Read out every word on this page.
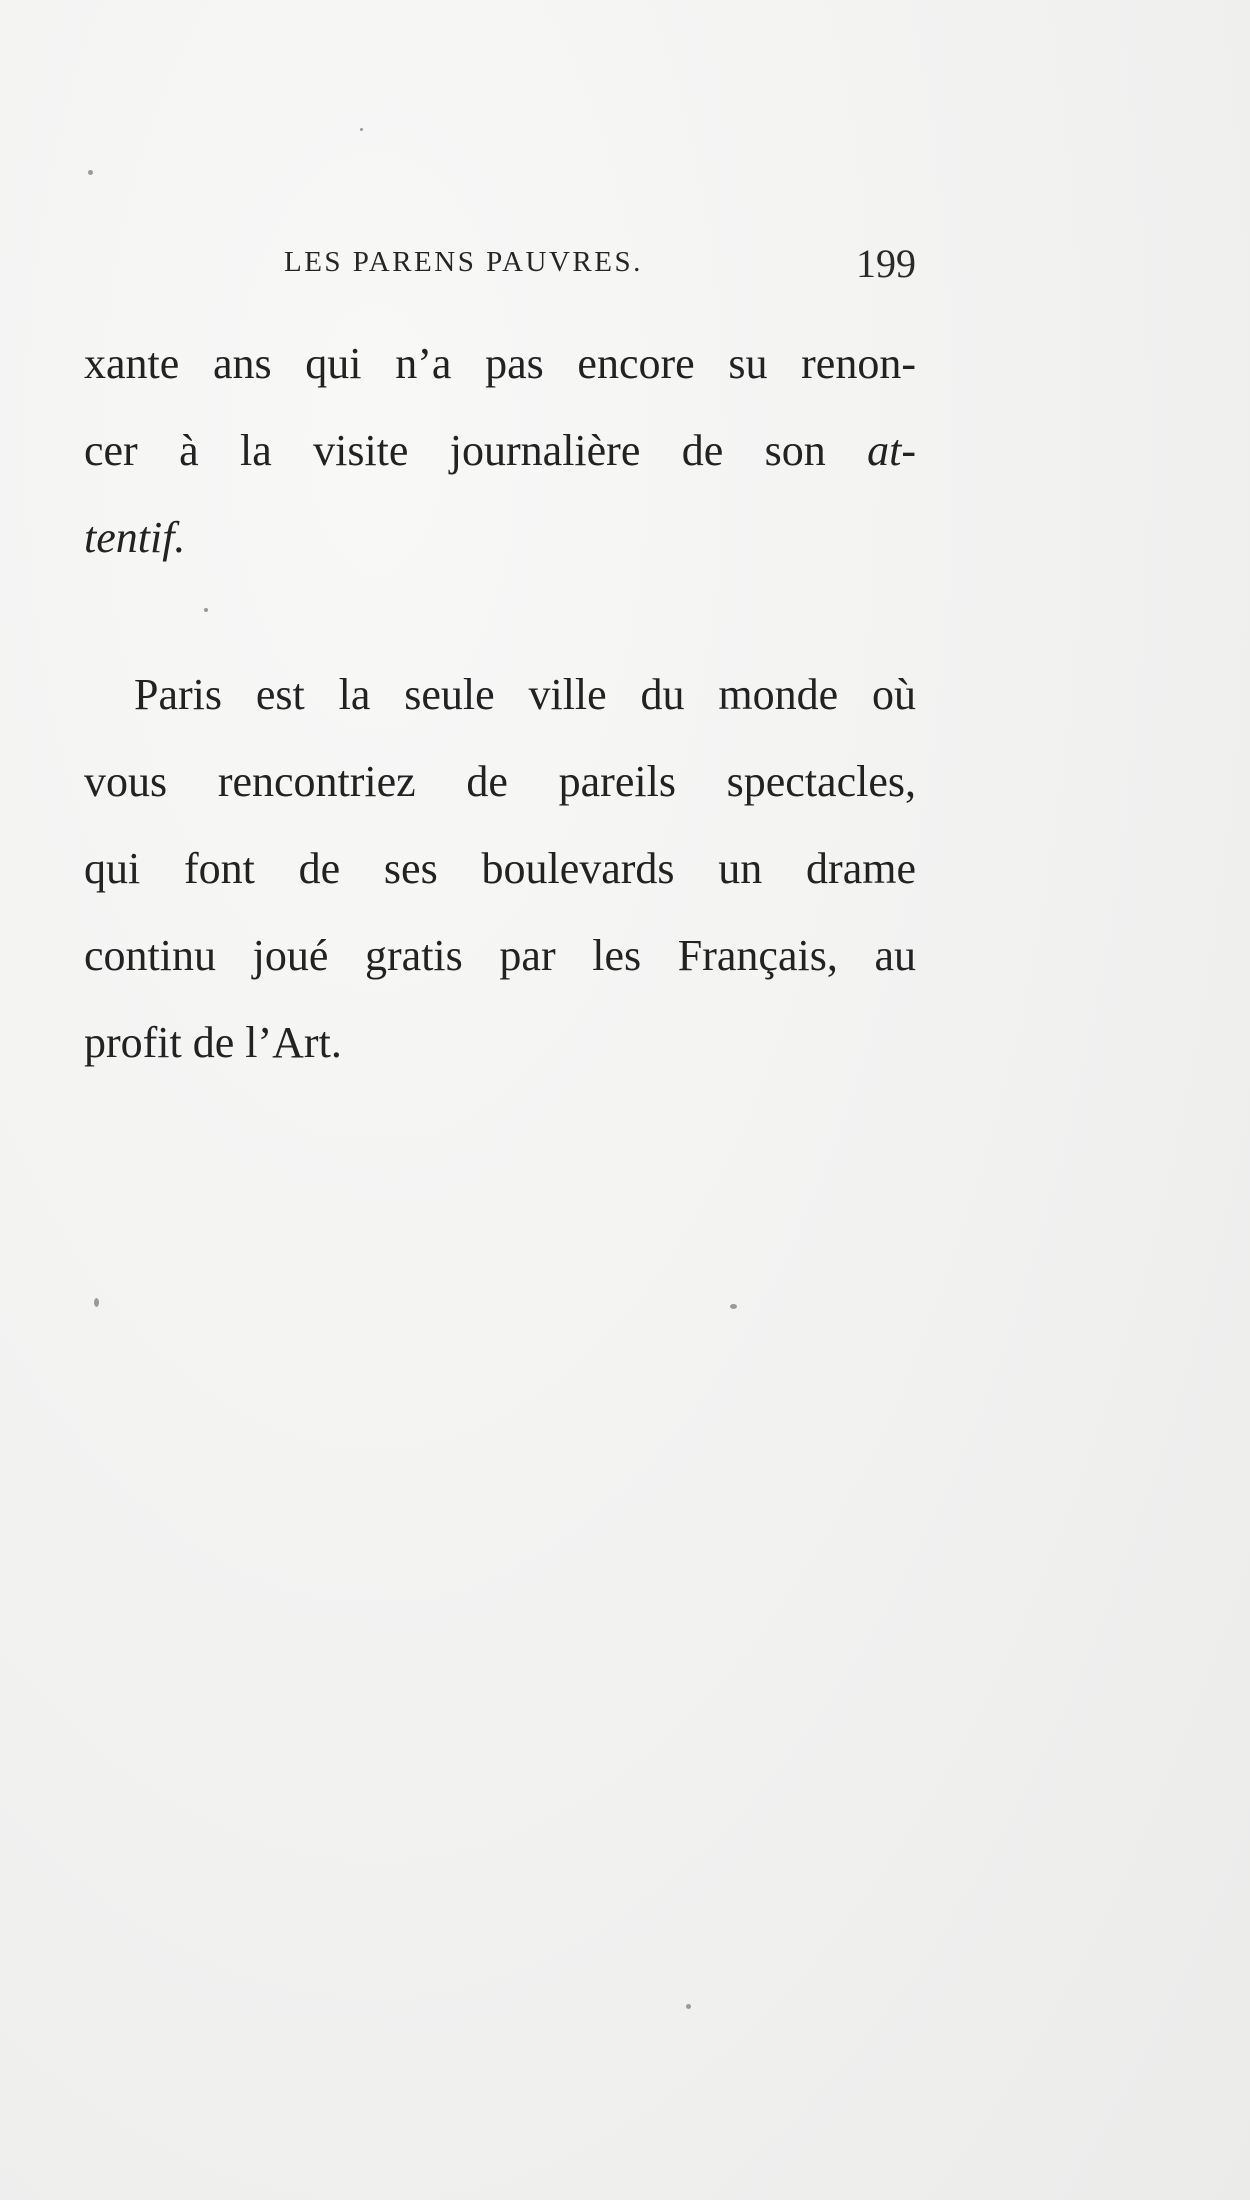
LES PARENS PAUVRES.	199
xante ans qui n’a pas encore su renon-
cer à la visite journalière de son at-
tentif.
Paris est la seule ville du monde où
vous rencontriez de pareils spectacles,
qui font de ses boulevards un drame
continu joué gratis par les Français, au
profit de l’Art.
